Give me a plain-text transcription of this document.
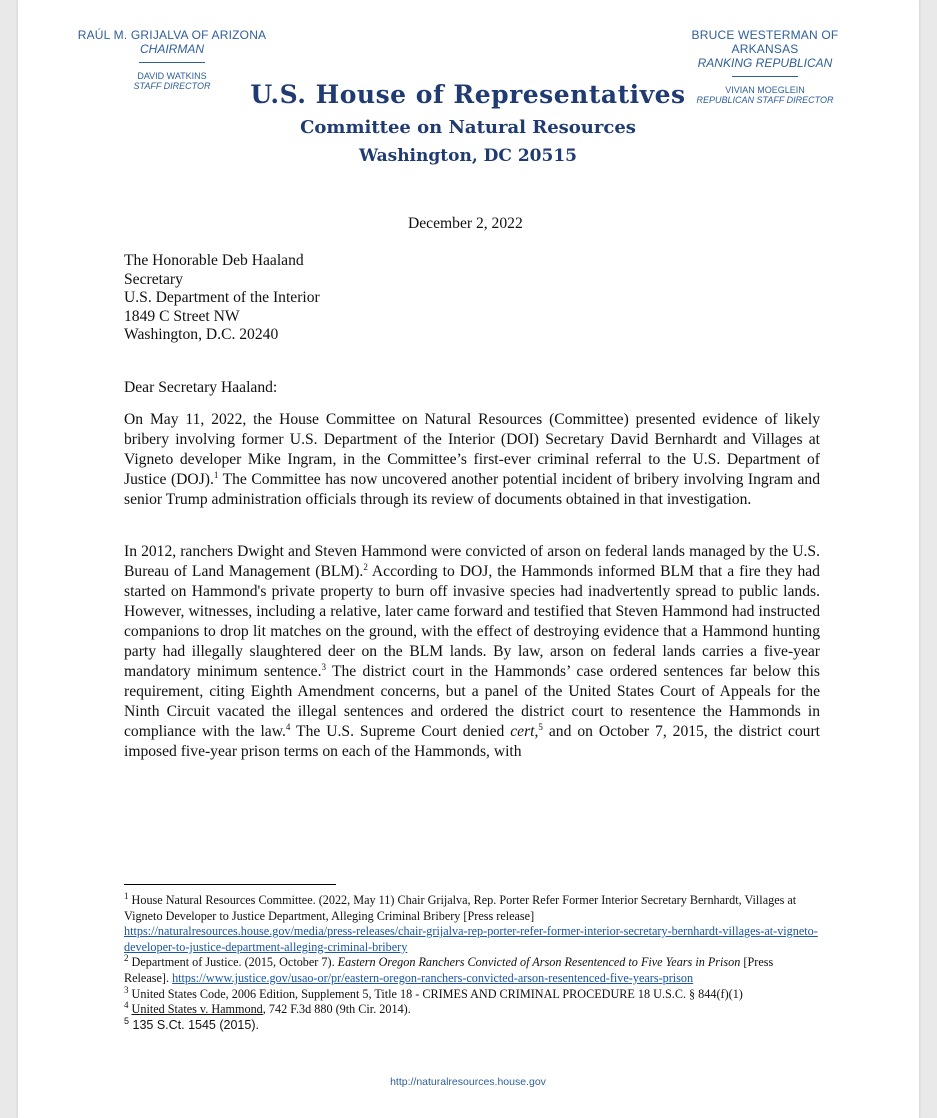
RAÚL M. GRIJALVA OF ARIZONA
CHAIRMAN
DAVID WATKINS
STAFF DIRECTOR
BRUCE WESTERMAN OF ARKANSAS
RANKING REPUBLICAN
VIVIAN MOEGLEIN
REPUBLICAN STAFF DIRECTOR
U.S. House of Representatives
Committee on Natural Resources
Washington, DC 20515
December 2, 2022
The Honorable Deb Haaland
Secretary
U.S. Department of the Interior
1849 C Street NW
Washington, D.C. 20240
Dear Secretary Haaland:
On May 11, 2022, the House Committee on Natural Resources (Committee) presented evidence of likely bribery involving former U.S. Department of the Interior (DOI) Secretary David Bernhardt and Villages at Vigneto developer Mike Ingram, in the Committee’s first-ever criminal referral to the U.S. Department of Justice (DOJ).$^1$ The Committee has now uncovered another potential incident of bribery involving Ingram and senior Trump administration officials through its review of documents obtained in that investigation.
In 2012, ranchers Dwight and Steven Hammond were convicted of arson on federal lands managed by the U.S. Bureau of Land Management (BLM).$^2$ According to DOJ, the Hammonds informed BLM that a fire they had started on Hammond's private property to burn off invasive species had inadvertently spread to public lands. However, witnesses, including a relative, later came forward and testified that Steven Hammond had instructed companions to drop lit matches on the ground, with the effect of destroying evidence that a Hammond hunting party had illegally slaughtered deer on the BLM lands. By law, arson on federal lands carries a five-year mandatory minimum sentence.$^3$ The district court in the Hammonds’ case ordered sentences far below this requirement, citing Eighth Amendment concerns, but a panel of the United States Court of Appeals for the Ninth Circuit vacated the illegal sentences and ordered the district court to resentence the Hammonds in compliance with the law.$^4$ The U.S. Supreme Court denied cert,$^5$ and on October 7, 2015, the district court imposed five-year prison terms on each of the Hammonds, with
$^1$ House Natural Resources Committee. (2022, May 11) Chair Grijalva, Rep. Porter Refer Former Interior Secretary Bernhardt, Villages at Vigneto Developer to Justice Department, Alleging Criminal Bribery [Press release]
https://naturalresources.house.gov/media/press-releases/chair-grijalva-rep-porter-refer-former-interior-secretary-bernhardt-villages-at-vigneto-developer-to-justice-department-alleging-criminal-bribery
$^2$ Department of Justice. (2015, October 7). Eastern Oregon Ranchers Convicted of Arson Resentenced to Five Years in Prison [Press Release]. https://www.justice.gov/usao-or/pr/eastern-oregon-ranchers-convicted-arson-resentenced-five-years-prison
$^3$ United States Code, 2006 Edition, Supplement 5, Title 18 - CRIMES AND CRIMINAL PROCEDURE 18 U.S.C. § 844(f)(1)
$^4$ United States v. Hammond, 742 F.3d 880 (9th Cir. 2014).
$^5$ 135 S.Ct. 1545 (2015).
http://naturalresources.house.gov
